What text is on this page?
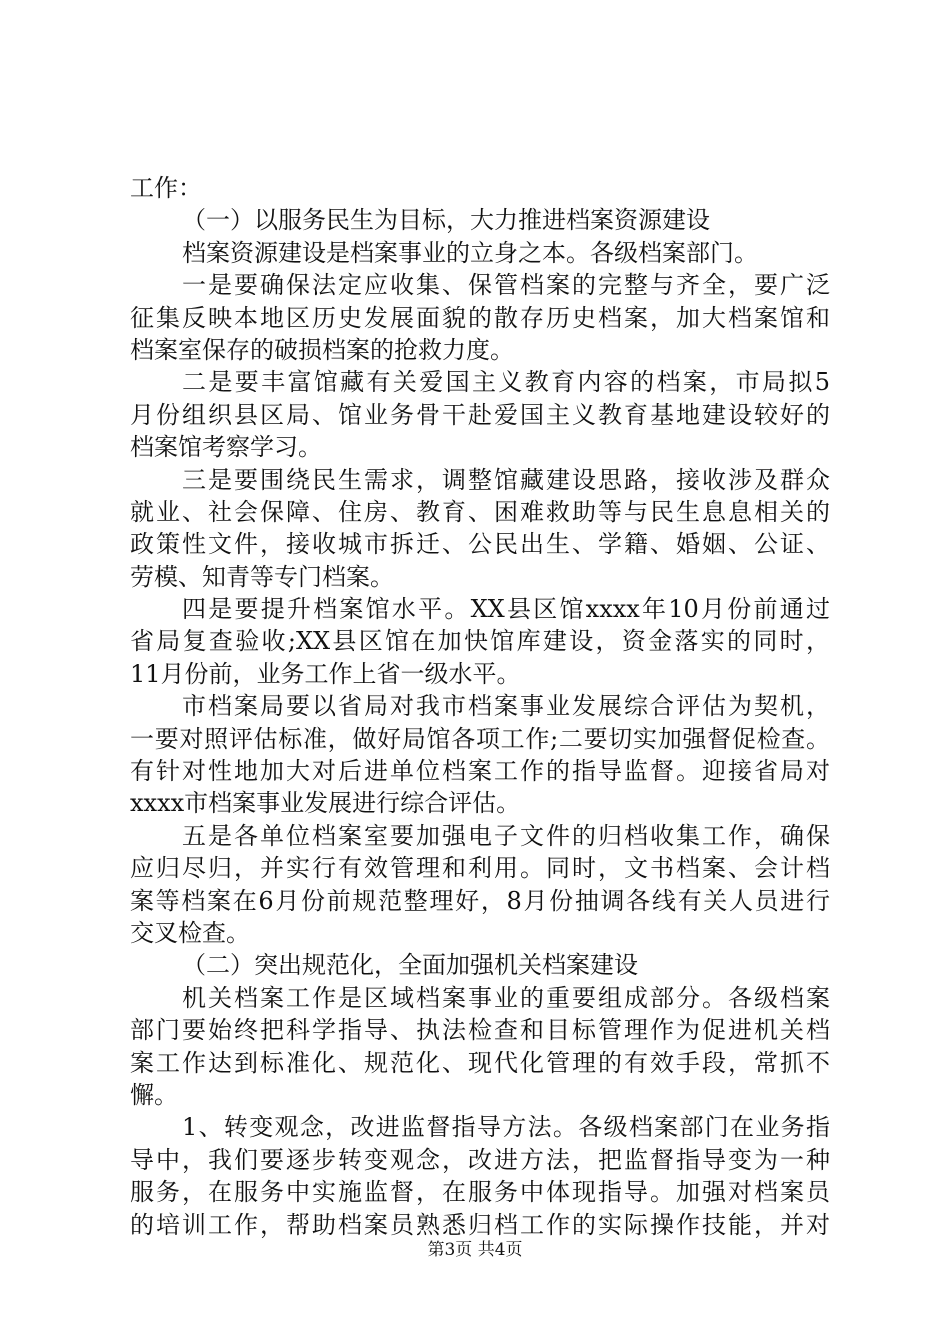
工作：
（一）以服务民生为目标，大力推进档案资源建设
档案资源建设是档案事业的立身之本。各级档案部门。
一是要确保法定应收集、保管档案的完整与齐全，要广泛
征集反映本地区历史发展面貌的散存历史档案，加大档案馆和
档案室保存的破损档案的抢救力度。
二是要丰富馆藏有关爱国主义教育内容的档案，市局拟5
月份组织县区局、馆业务骨干赴爱国主义教育基地建设较好的
档案馆考察学习。
三是要围绕民生需求，调整馆藏建设思路，接收涉及群众
就业、社会保障、住房、教育、困难救助等与民生息息相关的
政策性文件，接收城市拆迁、公民出生、学籍、婚姻、公证、
劳模、知青等专门档案。
四是要提升档案馆水平。XX县区馆xxxx年10月份前通过
省局复查验收;XX县区馆在加快馆库建设，资金落实的同时，
11月份前，业务工作上省一级水平。
市档案局要以省局对我市档案事业发展综合评估为契机，
一要对照评估标准，做好局馆各项工作;二要切实加强督促检查。
有针对性地加大对后进单位档案工作的指导监督。迎接省局对
xxxx市档案事业发展进行综合评估。
五是各单位档案室要加强电子文件的归档收集工作，确保
应归尽归，并实行有效管理和利用。同时，文书档案、会计档
案等档案在6月份前规范整理好，8月份抽调各线有关人员进行
交叉检查。
（二）突出规范化，全面加强机关档案建设
机关档案工作是区域档案事业的重要组成部分。各级档案
部门要始终把科学指导、执法检查和目标管理作为促进机关档
案工作达到标准化、规范化、现代化管理的有效手段，常抓不
懈。
1、转变观念，改进监督指导方法。各级档案部门在业务指
导中，我们要逐步转变观念，改进方法，把监督指导变为一种
服务，在服务中实施监督，在服务中体现指导。加强对档案员
的培训工作，帮助档案员熟悉归档工作的实际操作技能，并对
第3页 共4页
